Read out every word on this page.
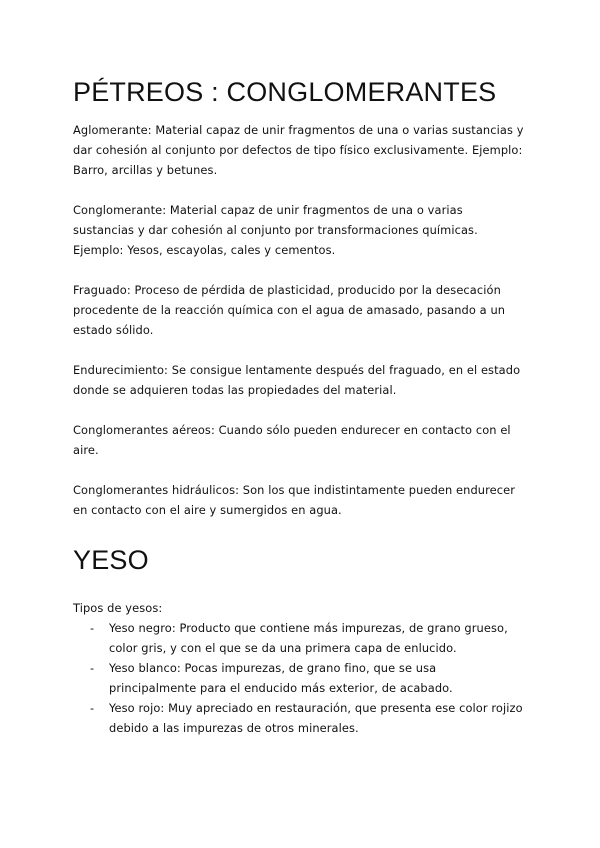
PÉTREOS : CONGLOMERANTES

Aglomerante: Material capaz de unir fragmentos de una o varias sustancias y dar cohesión al conjunto por defectos de tipo físico exclusivamente. Ejemplo: Barro, arcillas y betunes.

Conglomerante: Material capaz de unir fragmentos de una o varias sustancias y dar cohesión al conjunto por transformaciones químicas. Ejemplo: Yesos, escayolas, cales y cementos.

Fraguado: Proceso de pérdida de plasticidad, producido por la desecación procedente de la reacción química con el agua de amasado, pasando a un estado sólido.

Endurecimiento: Se consigue lentamente después del fraguado, en el estado donde se adquieren todas las propiedades del material.

Conglomerantes aéreos: Cuando sólo pueden endurecer en contacto con el aire.

Conglomerantes hidráulicos: Son los que indistintamente pueden endurecer en contacto con el aire y sumergidos en agua.

YESO

Tipos de yesos:

- Yeso negro: Producto que contiene más impurezas, de grano grueso, color gris, y con el que se da una primera capa de enlucido.
- Yeso blanco: Pocas impurezas, de grano fino, que se usa principalmente para el enducido más exterior, de acabado.
- Yeso rojo: Muy apreciado en restauración, que presenta ese color rojizo debido a las impurezas de otros minerales.
